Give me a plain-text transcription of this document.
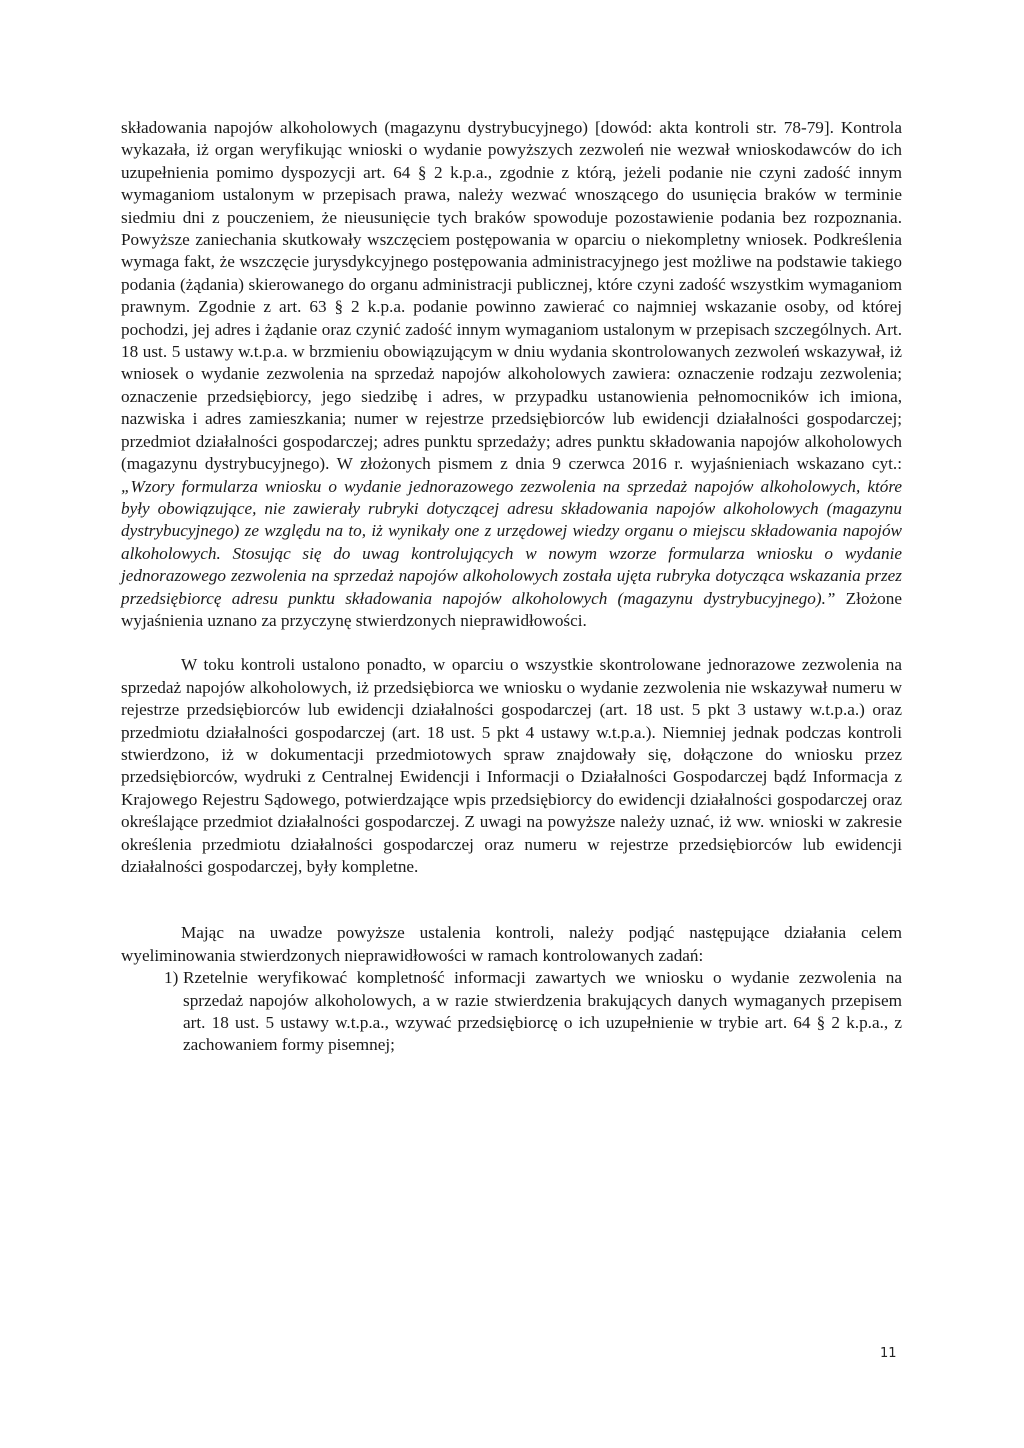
składowania napojów alkoholowych (magazynu dystrybucyjnego) [dowód: akta kontroli str. 78-79]. Kontrola wykazała, iż organ weryfikując wnioski o wydanie powyższych zezwoleń nie wezwał wnioskodawców do ich uzupełnienia pomimo dyspozycji art. 64 § 2 k.p.a., zgodnie z którą, jeżeli podanie nie czyni zadość innym wymaganiom ustalonym w przepisach prawa, należy wezwać wnoszącego do usunięcia braków w terminie siedmiu dni z pouczeniem, że nieusunięcie tych braków spowoduje pozostawienie podania bez rozpoznania. Powyższe zaniechania skutkowały wszczęciem postępowania w oparciu o niekompletny wniosek. Podkreślenia wymaga fakt, że wszczęcie jurysdykcyjnego postępowania administracyjnego jest możliwe na podstawie takiego podania (żądania) skierowanego do organu administracji publicznej, które czyni zadość wszystkim wymaganiom prawnym. Zgodnie z art. 63 § 2 k.p.a. podanie powinno zawierać co najmniej wskazanie osoby, od której pochodzi, jej adres i żądanie oraz czynić zadość innym wymaganiom ustalonym w przepisach szczególnych. Art. 18 ust. 5 ustawy w.t.p.a. w brzmieniu obowiązującym w dniu wydania skontrolowanych zezwoleń wskazywał, iż wniosek o wydanie zezwolenia na sprzedaż napojów alkoholowych zawiera: oznaczenie rodzaju zezwolenia; oznaczenie przedsiębiorcy, jego siedzibę i adres, w przypadku ustanowienia pełnomocników ich imiona, nazwiska i adres zamieszkania; numer w rejestrze przedsiębiorców lub ewidencji działalności gospodarczej; przedmiot działalności gospodarczej; adres punktu sprzedaży; adres punktu składowania napojów alkoholowych (magazynu dystrybucyjnego). W złożonych pismem z dnia 9 czerwca 2016 r. wyjaśnieniach wskazano cyt.: „Wzory formularza wniosku o wydanie jednorazowego zezwolenia na sprzedaż napojów alkoholowych, które były obowiązujące, nie zawierały rubryki dotyczącej adresu składowania napojów alkoholowych (magazynu dystrybucyjnego) ze względu na to, iż wynikały one z urzędowej wiedzy organu o miejscu składowania napojów alkoholowych. Stosując się do uwag kontrolujących w nowym wzorze formularza wniosku o wydanie jednorazowego zezwolenia na sprzedaż napojów alkoholowych została ujęta rubryka dotycząca wskazania przez przedsiębiorcę adresu punktu składowania napojów alkoholowych (magazynu dystrybucyjnego).” Złożone wyjaśnienia uznano za przyczynę stwierdzonych nieprawidłowości.

W toku kontroli ustalono ponadto, w oparciu o wszystkie skontrolowane jednorazowe zezwolenia na sprzedaż napojów alkoholowych, iż przedsiębiorca we wniosku o wydanie zezwolenia nie wskazywał numeru w rejestrze przedsiębiorców lub ewidencji działalności gospodarczej (art. 18 ust. 5 pkt 3 ustawy w.t.p.a.) oraz przedmiotu działalności gospodarczej (art. 18 ust. 5 pkt 4 ustawy w.t.p.a.). Niemniej jednak podczas kontroli stwierdzono, iż w dokumentacji przedmiotowych spraw znajdowały się, dołączone do wniosku przez przedsiębiorców, wydruki z Centralnej Ewidencji i Informacji o Działalności Gospodarczej bądź Informacja z Krajowego Rejestru Sądowego, potwierdzające wpis przedsiębiorcy do ewidencji działalności gospodarczej oraz określające przedmiot działalności gospodarczej. Z uwagi na powyższe należy uznać, iż ww. wnioski w zakresie określenia przedmiotu działalności gospodarczej oraz numeru w rejestrze przedsiębiorców lub ewidencji działalności gospodarczej, były kompletne.

Mając na uwadze powyższe ustalenia kontroli, należy podjąć następujące działania celem wyeliminowania stwierdzonych nieprawidłowości w ramach kontrolowanych zadań:

1) Rzetelnie weryfikować kompletność informacji zawartych we wniosku o wydanie zezwolenia na sprzedaż napojów alkoholowych, a w razie stwierdzenia brakujących danych wymaganych przepisem art. 18 ust. 5 ustawy w.t.p.a., wzywać przedsiębiorcę o ich uzupełnienie w trybie art. 64 § 2 k.p.a., z zachowaniem formy pisemnej;
11
